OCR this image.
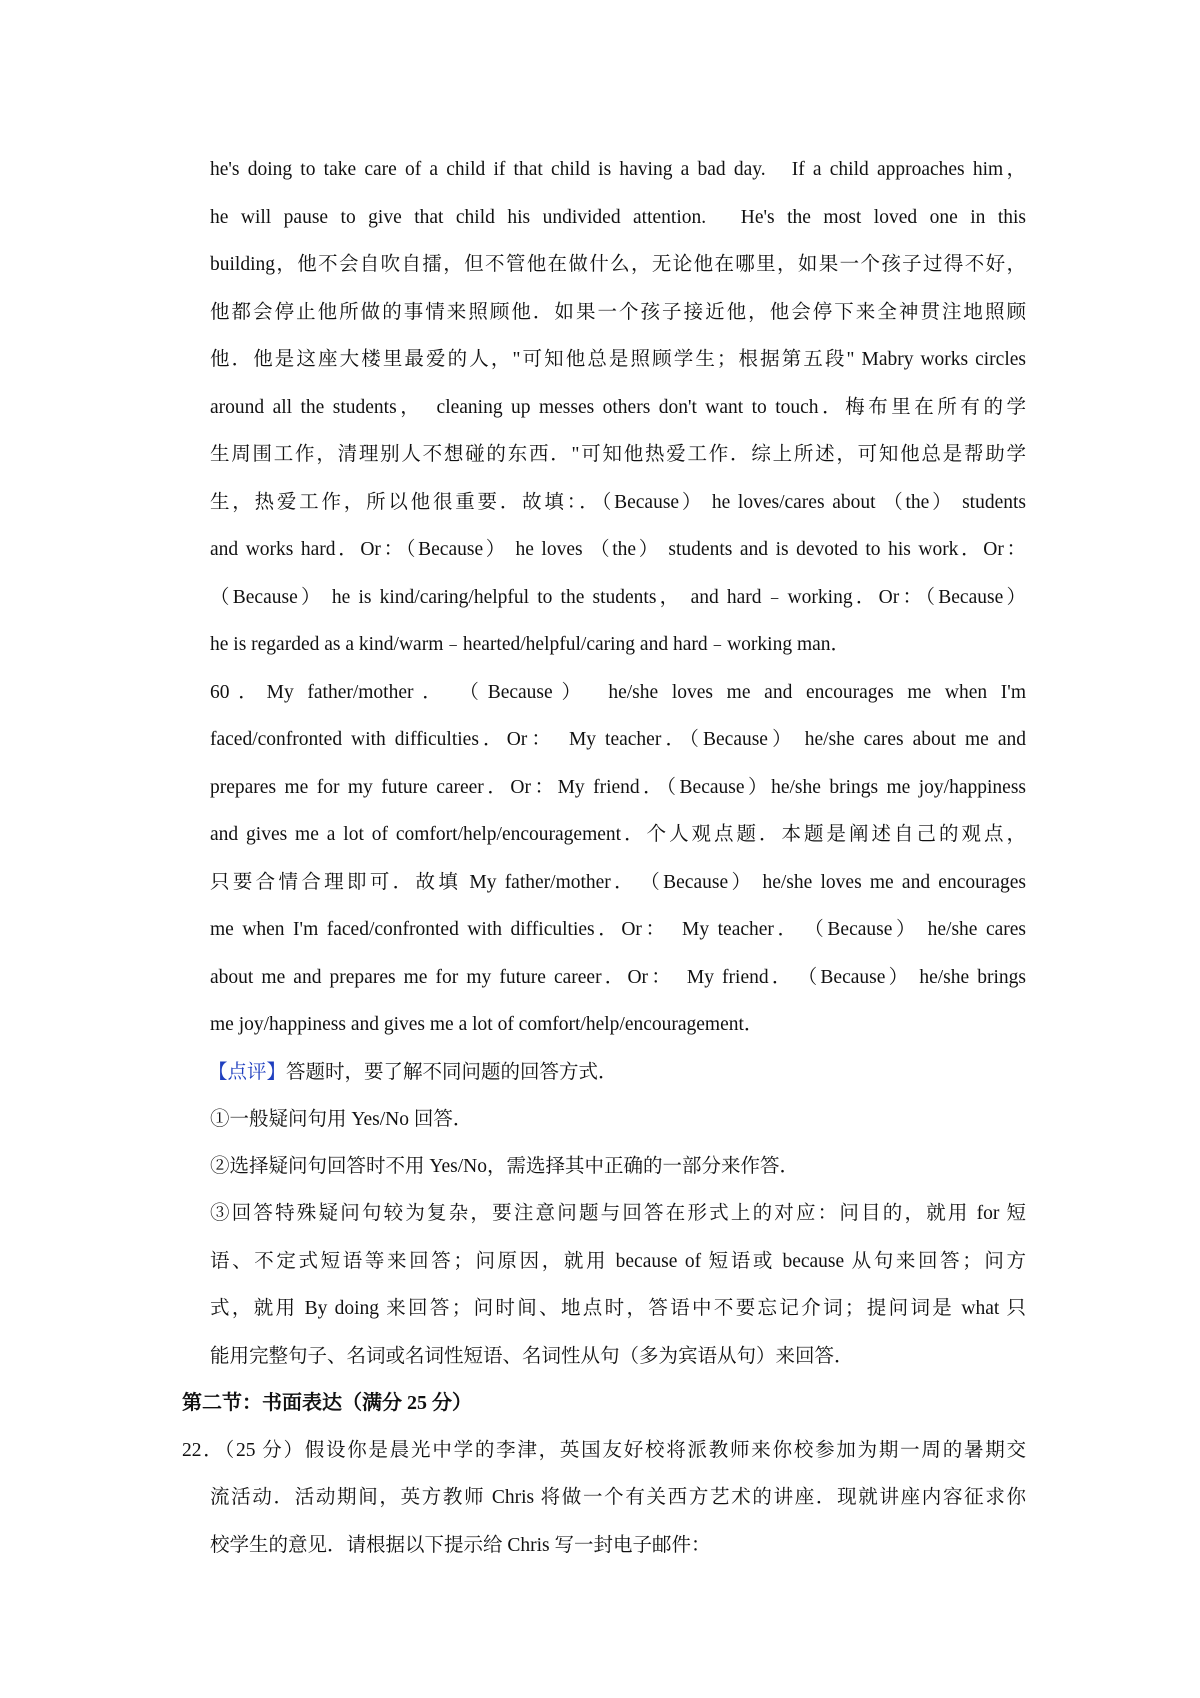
he's doing to take care of a child if that child is having a bad day.　If a child approaches him，
he will pause to give that child his undivided attention.　He's the most loved one in this
building，他不会自吹自擂，但不管他在做什么，无论他在哪里，如果一个孩子过得不好，
他都会停止他所做的事情来照顾他．如果一个孩子接近他，他会停下来全神贯注地照顾
他．他是这座大楼里最爱的人，"可知他总是照顾学生；根据第五段" Mabry works circles
around all the students，　cleaning up messes others don't want to touch．梅布里在所有的学
生周围工作，清理别人不想碰的东西．"可知他热爱工作．综上所述，可知他总是帮助学
生，热爱工作，所以他很重要．故填：．（Because） he loves/cares about （the） students
and works hard．Or：（Because） he loves （the） students and is devoted to his work．Or：
（Because） he is kind/caring/helpful to the students， and hard﹣working．Or：（Because）
he is regarded as a kind/warm﹣hearted/helpful/caring and hard﹣working man．
60．My father/mother．　（Because）　he/she loves me and encourages me when I'm
faced/confronted with difficulties．Or：　My teacher．（Because） he/she cares about me and
prepares me for my future career．Or：My friend．（Because）he/she brings me joy/happiness
and gives me a lot of comfort/help/encouragement．个人观点题．本题是阐述自己的观点，
只要合情合理即可．故填 My father/mother．　（Because） he/she loves me and encourages
me when I'm faced/confronted with difficulties．Or：　My teacher．　（Because） he/she cares
about me and prepares me for my future career．Or：　My friend．　（Because） he/she brings
me joy/happiness and gives me a lot of comfort/help/encouragement．
【点评】答题时，要了解不同问题的回答方式．
①一般疑问句用 Yes/No 回答．
②选择疑问句回答时不用 Yes/No，需选择其中正确的一部分来作答．
③回答特殊疑问句较为复杂，要注意问题与回答在形式上的对应：问目的，就用 for 短
语、不定式短语等来回答；问原因，就用 because of 短语或 because 从句来回答；问方
式，就用 By doing 来回答；问时间、地点时，答语中不要忘记介词；提问词是 what 只
能用完整句子、名词或名词性短语、名词性从句（多为宾语从句）来回答．
第二节：书面表达（满分 25 分）
22．（25 分）假设你是晨光中学的李津，英国友好校将派教师来你校参加为期一周的暑期交
流活动．活动期间，英方教师 Chris 将做一个有关西方艺术的讲座．现就讲座内容征求你
校学生的意见．请根据以下提示给 Chris 写一封电子邮件：
